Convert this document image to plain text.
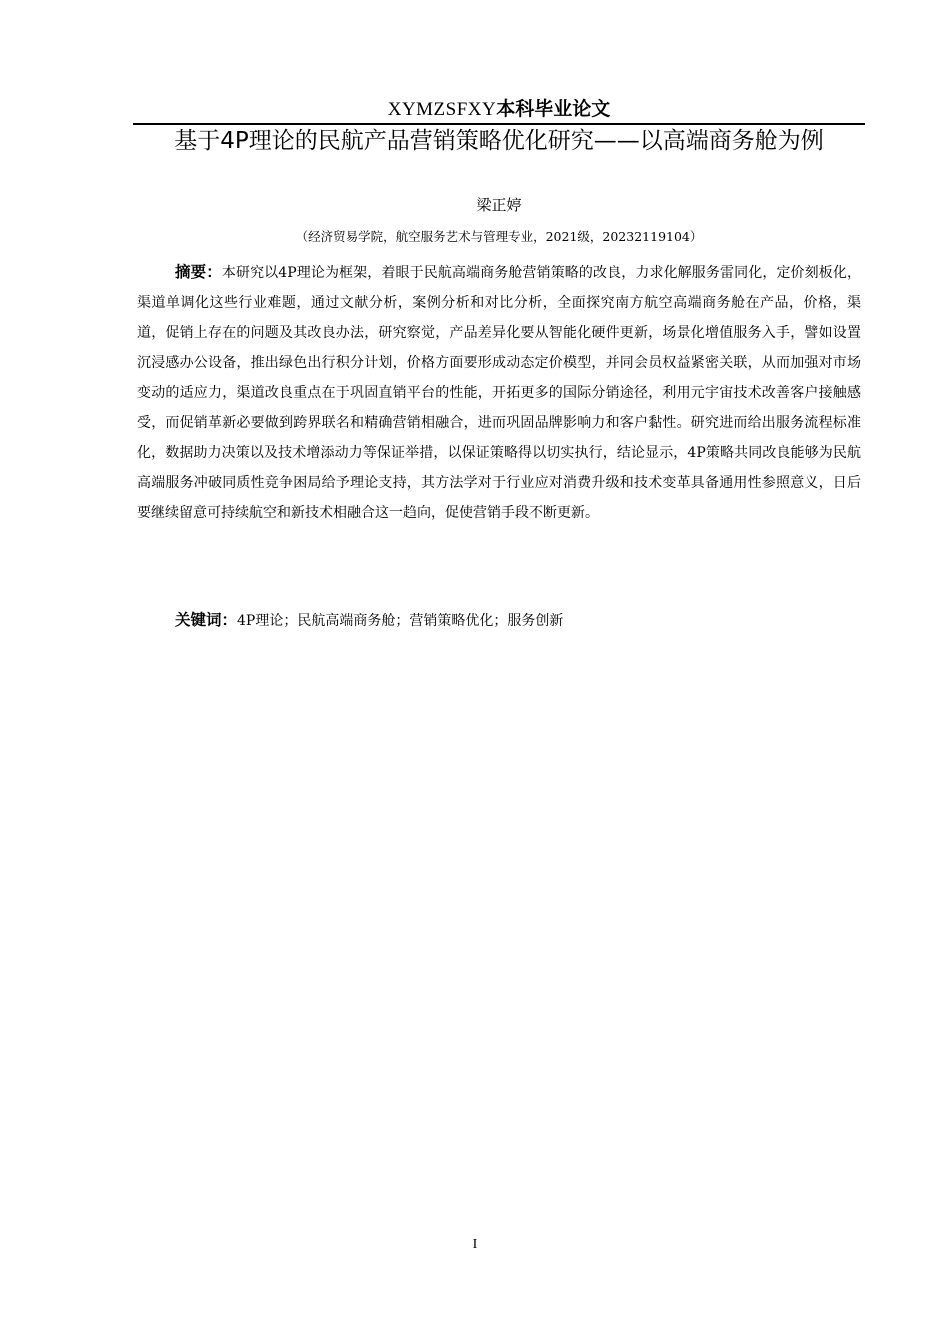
XYMZSFXY本科毕业论文
基于4P理论的民航产品营销策略优化研究——以高端商务舱为例
梁正婷
（经济贸易学院，航空服务艺术与管理专业，2021级，20232119104）

摘要：本研究以4P理论为框架，着眼于民航高端商务舱营销策略的改良，力求化解服务雷同化，定价刻板化，渠道单调化这些行业难题，通过文献分析，案例分析和对比分析，全面探究南方航空高端商务舱在产品，价格，渠道，促销上存在的问题及其改良办法，研究察觉，产品差异化要从智能化硬件更新，场景化增值服务入手，譬如设置沉浸感办公设备，推出绿色出行积分计划，价格方面要形成动态定价模型，并同会员权益紧密关联，从而加强对市场变动的适应力，渠道改良重点在于巩固直销平台的性能，开拓更多的国际分销途径，利用元宇宙技术改善客户接触感受，而促销革新必要做到跨界联名和精确营销相融合，进而巩固品牌影响力和客户黏性。研究进而给出服务流程标准化，数据助力决策以及技术增添动力等保证举措，以保证策略得以切实执行，结论显示，4P策略共同改良能够为民航高端服务冲破同质性竞争困局给予理论支持，其方法学对于行业应对消费升级和技术变革具备通用性参照意义，日后要继续留意可持续航空和新技术相融合这一趋向，促使营销手段不断更新。

关键词：4P理论；民航高端商务舱；营销策略优化；服务创新

I
